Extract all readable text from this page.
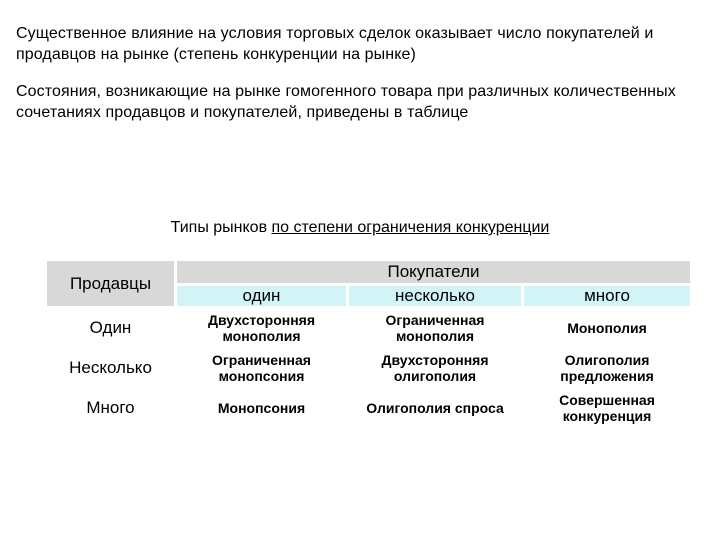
Существенное влияние на условия торговых сделок оказывает число покупателей и продавцов на рынке (степень конкуренции на рынке)
Состояния, возникающие на рынке гомогенного товара при различных количественных сочетаниях продавцов и покупателей, приведены в таблице
Типы рынков по степени ограничения конкуренции
Продавцы	Покупатели		
	один	несколько	много
Один	Двухсторонняя монополия	Ограниченная монополия	Монополия
Несколько	Ограниченная монопсония	Двухсторонняя олигополия	Олигополия предложения
Много	Монопсония	Олигополия спроса	Совершенная конкуренция
